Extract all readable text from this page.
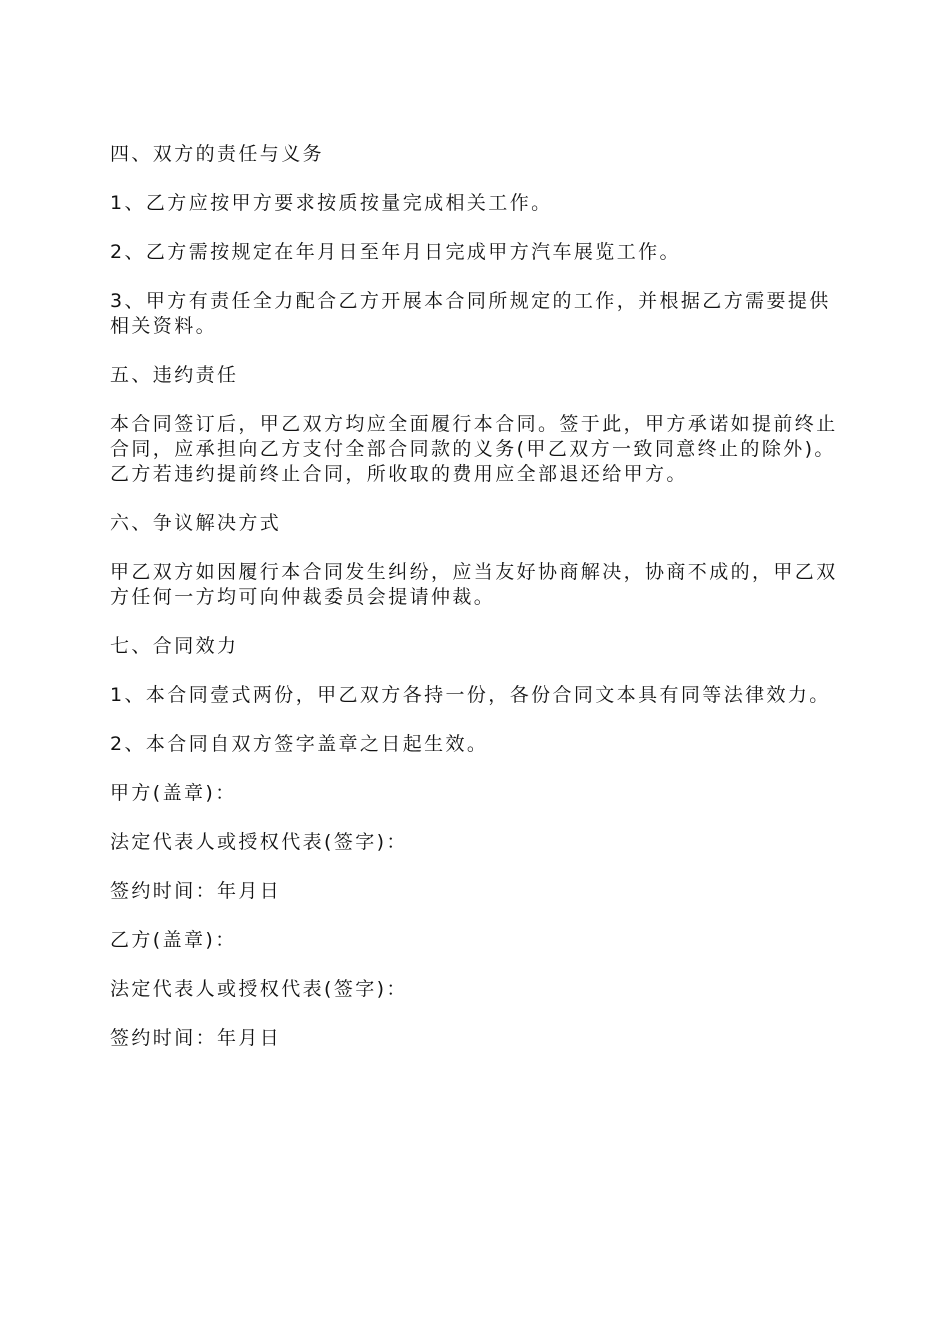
四、双方的责任与义务

1、乙方应按甲方要求按质按量完成相关工作。

2、乙方需按规定在年月日至年月日完成甲方汽车展览工作。

3、甲方有责任全力配合乙方开展本合同所规定的工作，并根据乙方需要提供相关资料。

五、违约责任

本合同签订后，甲乙双方均应全面履行本合同。签于此，甲方承诺如提前终止合同，应承担向乙方支付全部合同款的义务(甲乙双方一致同意终止的除外)。乙方若违约提前终止合同，所收取的费用应全部退还给甲方。

六、争议解决方式

甲乙双方如因履行本合同发生纠纷，应当友好协商解决，协商不成的，甲乙双方任何一方均可向仲裁委员会提请仲裁。

七、合同效力

1、本合同壹式两份，甲乙双方各持一份，各份合同文本具有同等法律效力。

2、本合同自双方签字盖章之日起生效。

甲方(盖章)：

法定代表人或授权代表(签字)：

签约时间：年月日

乙方(盖章)：

法定代表人或授权代表(签字)：

签约时间：年月日
